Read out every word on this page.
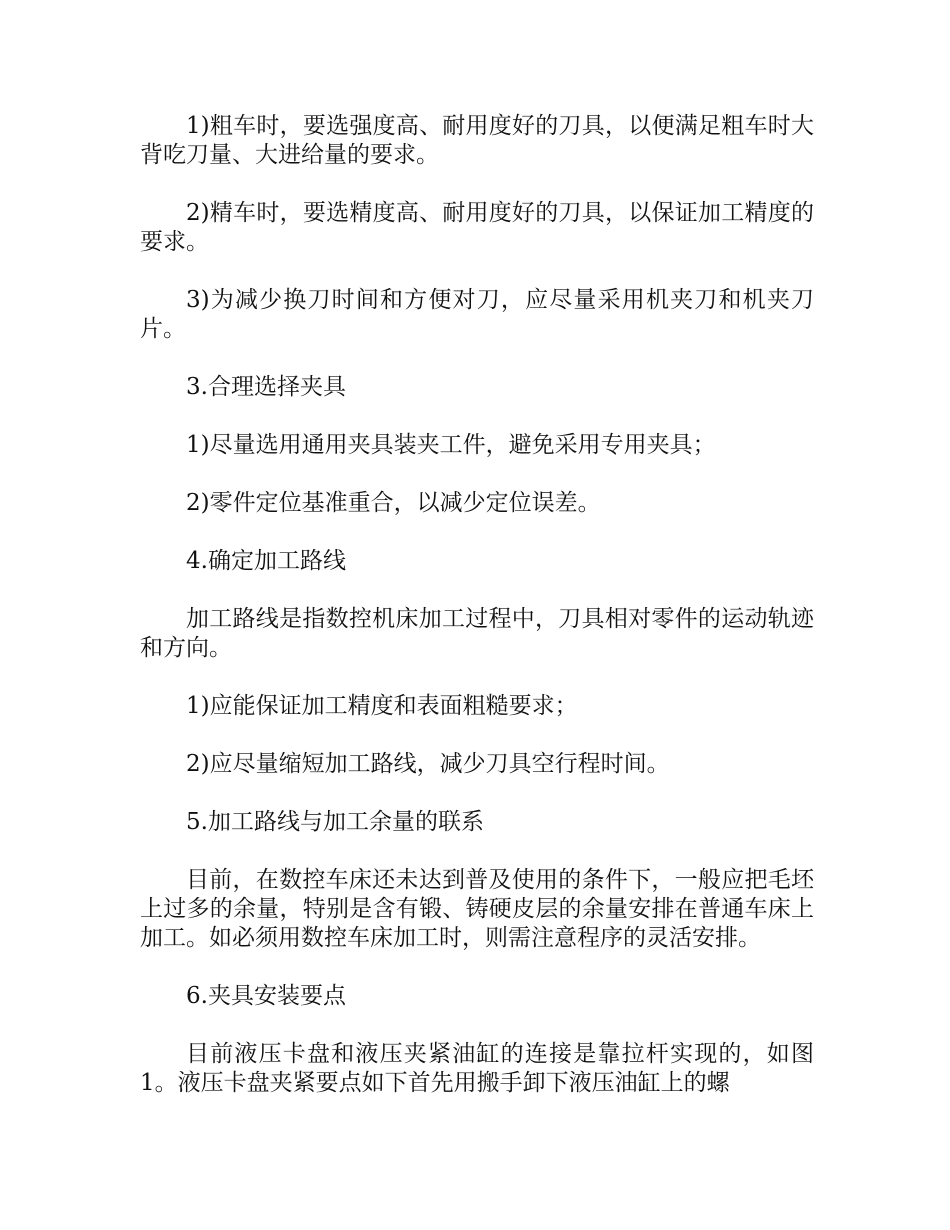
1)粗车时，要选强度高、耐用度好的刀具，以便满足粗车时大背吃刀量、大进给量的要求。

2)精车时，要选精度高、耐用度好的刀具，以保证加工精度的要求。

3)为减少换刀时间和方便对刀，应尽量采用机夹刀和机夹刀片。

3.合理选择夹具

1)尽量选用通用夹具装夹工件，避免采用专用夹具；

2)零件定位基准重合，以减少定位误差。

4.确定加工路线

加工路线是指数控机床加工过程中，刀具相对零件的运动轨迹和方向。

1)应能保证加工精度和表面粗糙要求；

2)应尽量缩短加工路线，减少刀具空行程时间。

5.加工路线与加工余量的联系

目前，在数控车床还未达到普及使用的条件下，一般应把毛坯上过多的余量，特别是含有锻、铸硬皮层的余量安排在普通车床上加工。如必须用数控车床加工时，则需注意程序的灵活安排。

6.夹具安装要点

目前液压卡盘和液压夹紧油缸的连接是靠拉杆实现的，如图1。液压卡盘夹紧要点如下首先用搬手卸下液压油缸上的螺
